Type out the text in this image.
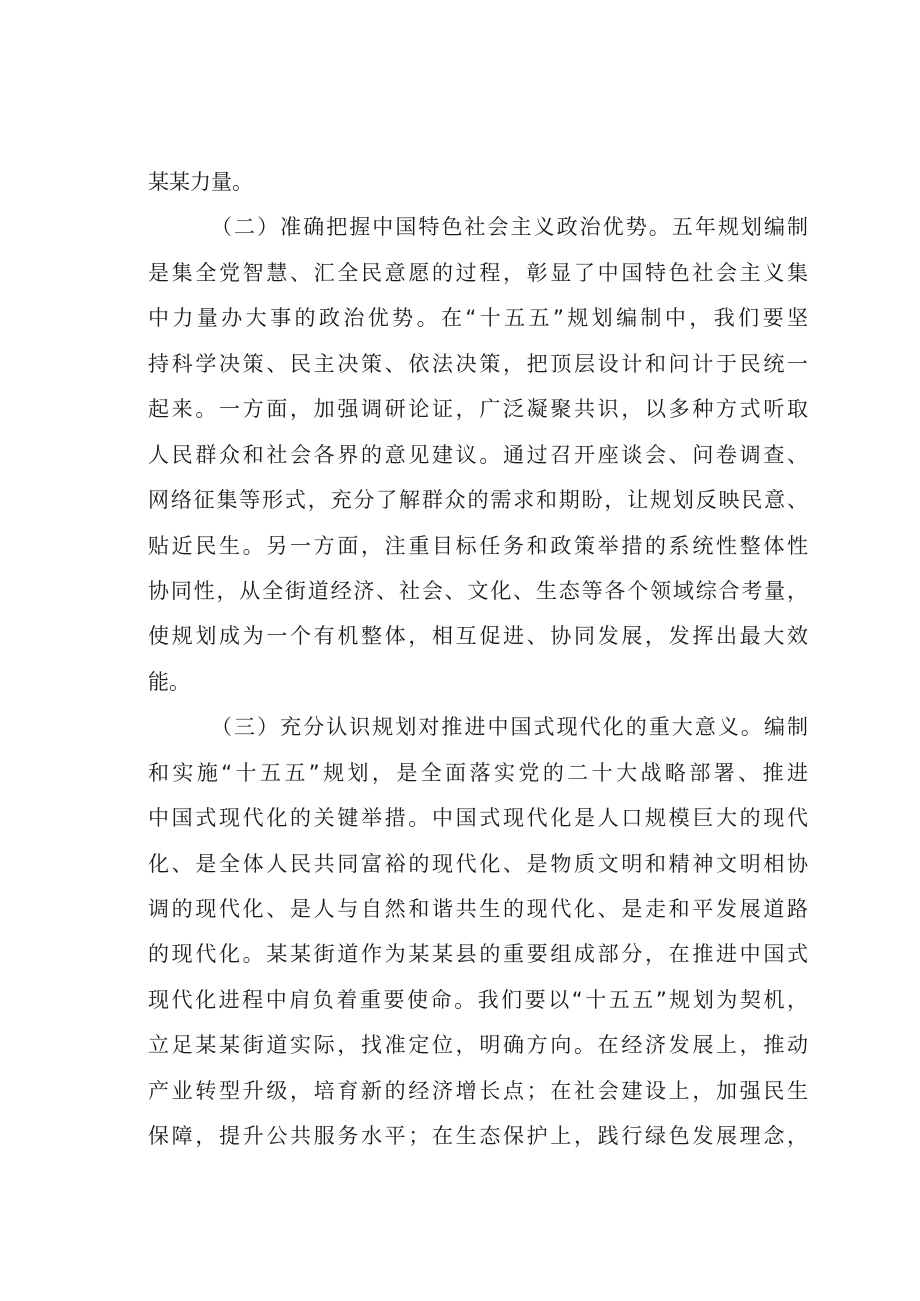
某某力量。
（二）准确把握中国特色社会主义政治优势。五年规划编制
是集全党智慧、汇全民意愿的过程，彰显了中国特色社会主义集
中力量办大事的政治优势。在“十五五”规划编制中，我们要坚
持科学决策、民主决策、依法决策，把顶层设计和问计于民统一
起来。一方面，加强调研论证，广泛凝聚共识，以多种方式听取
人民群众和社会各界的意见建议。通过召开座谈会、问卷调查、
网络征集等形式，充分了解群众的需求和期盼，让规划反映民意、
贴近民生。另一方面，注重目标任务和政策举措的系统性整体性
协同性，从全街道经济、社会、文化、生态等各个领域综合考量，
使规划成为一个有机整体，相互促进、协同发展，发挥出最大效
能。
（三）充分认识规划对推进中国式现代化的重大意义。编制
和实施“十五五”规划，是全面落实党的二十大战略部署、推进
中国式现代化的关键举措。中国式现代化是人口规模巨大的现代
化、是全体人民共同富裕的现代化、是物质文明和精神文明相协
调的现代化、是人与自然和谐共生的现代化、是走和平发展道路
的现代化。某某街道作为某某县的重要组成部分，在推进中国式
现代化进程中肩负着重要使命。我们要以“十五五”规划为契机，
立足某某街道实际，找准定位，明确方向。在经济发展上，推动
产业转型升级，培育新的经济增长点；在社会建设上，加强民生
保障，提升公共服务水平；在生态保护上，践行绿色发展理念，
